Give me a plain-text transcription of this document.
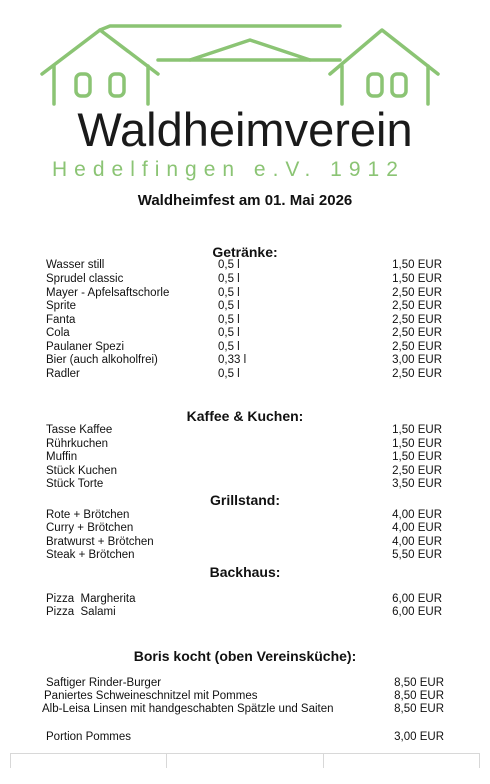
Waldheimverein
Hedelfingen e.V. 1912
Waldheimfest am 01. Mai 2026
Getränke:
Wasser still	0,5 l	1,50 EUR
Sprudel classic	0,5 l	1,50 EUR
Mayer - Apfelsaftschorle	0,5 l	2,50 EUR
Sprite	0,5 l	2,50 EUR
Fanta	0,5 l	2,50 EUR
Cola	0,5 l	2,50 EUR
Paulaner Spezi	0,5 l	2,50 EUR
Bier (auch alkoholfrei)	0,33 l	3,00 EUR
Radler	0,5 l	2,50 EUR
Kaffee & Kuchen:
Tasse Kaffee	1,50 EUR
Rührkuchen	1,50 EUR
Muffin	1,50 EUR
Stück Kuchen	2,50 EUR
Stück Torte	3,50 EUR
Grillstand:
Rote + Brötchen	4,00 EUR
Curry + Brötchen	4,00 EUR
Bratwurst + Brötchen	4,00 EUR
Steak + Brötchen	5,50 EUR
Backhaus:
Pizza  Margherita	6,00 EUR
Pizza  Salami	6,00 EUR
Boris kocht (oben Vereinsküche):
Saftiger Rinder-Burger	8,50 EUR
Paniertes Schweineschnitzel mit Pommes	8,50 EUR
Alb-Leisa Linsen mit handgeschabten Spätzle und Saiten	8,50 EUR
Portion Pommes	3,00 EUR
